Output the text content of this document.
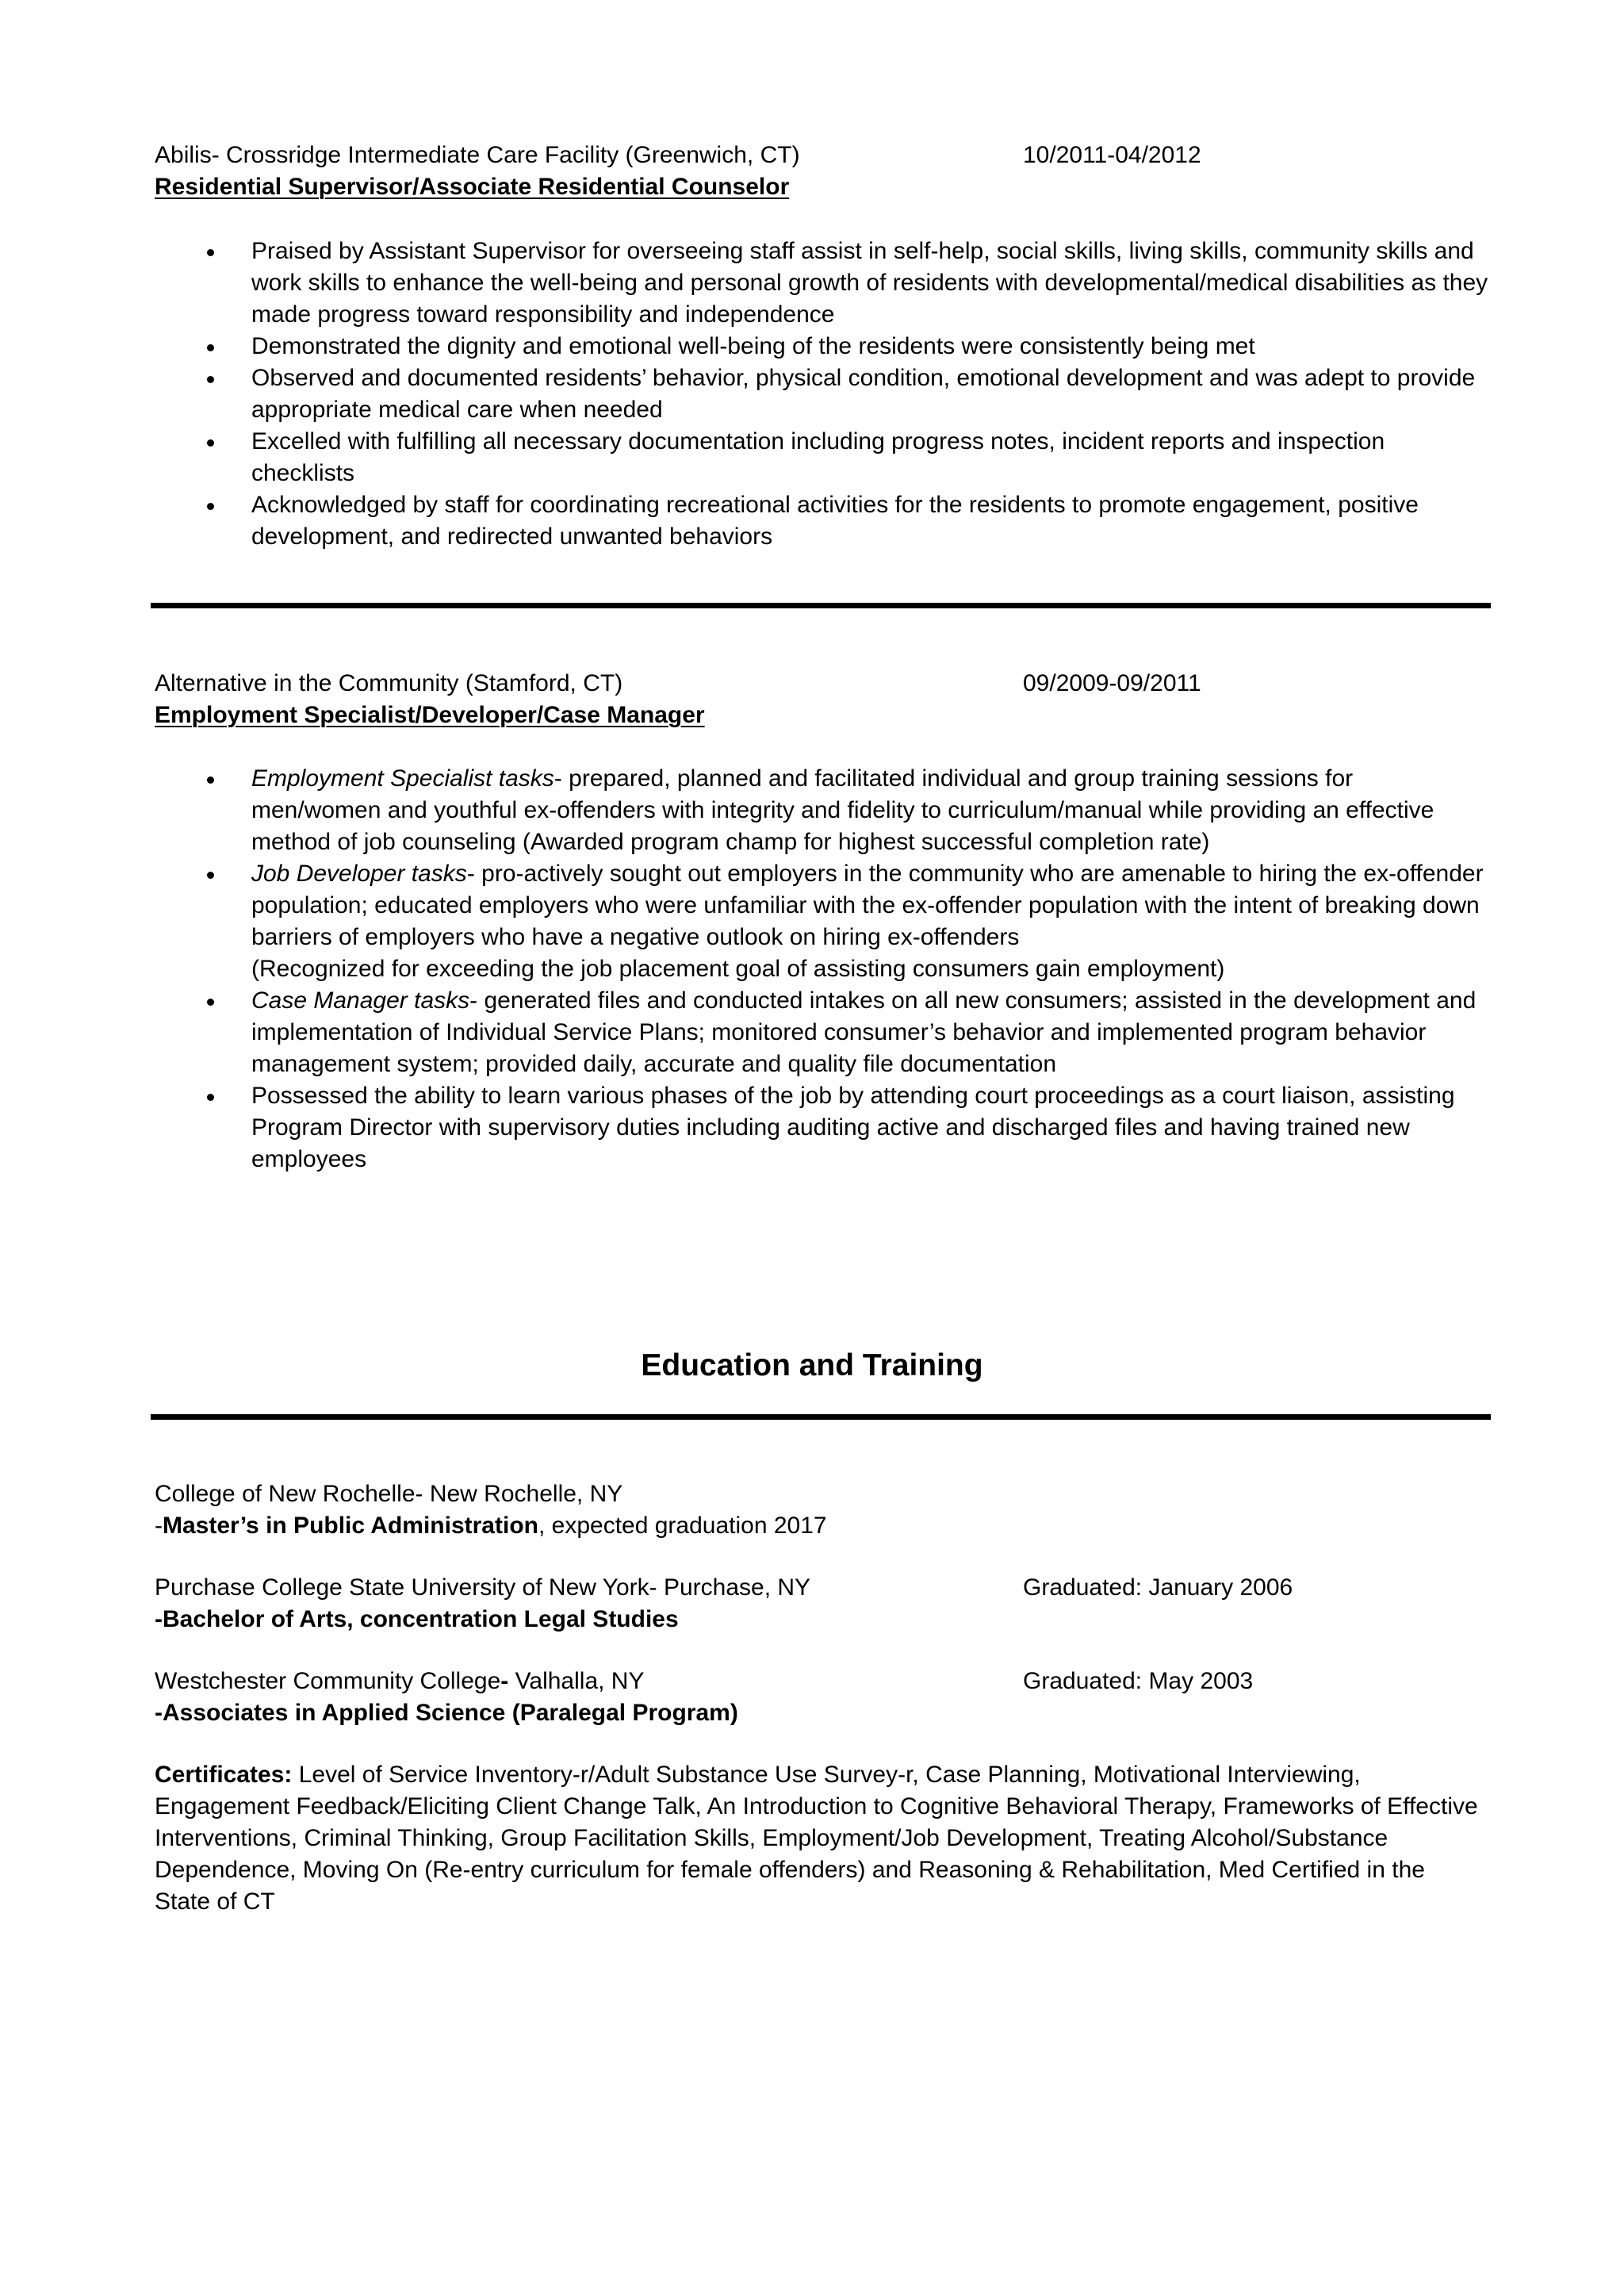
Abilis- Crossridge Intermediate Care Facility (Greenwich, CT)	10/2011-04/2012
Residential Supervisor/Associate Residential Counselor
Praised by Assistant Supervisor for overseeing staff assist in self-help, social skills, living skills, community skills and work skills to enhance the well-being and personal growth of residents with developmental/medical disabilities as they made progress toward responsibility and independence
Demonstrated the dignity and emotional well-being of the residents were consistently being met
Observed and documented residents’ behavior, physical condition, emotional development and was adept to provide appropriate medical care when needed
Excelled with fulfilling all necessary documentation including progress notes, incident reports and inspection checklists
Acknowledged by staff for coordinating recreational activities for the residents to promote engagement, positive development, and redirected unwanted behaviors
Alternative in the Community (Stamford, CT)	09/2009-09/2011
Employment Specialist/Developer/Case Manager
Employment Specialist tasks- prepared, planned and facilitated individual and group training sessions for men/women and youthful ex-offenders with integrity and fidelity to curriculum/manual while providing an effective method of job counseling (Awarded program champ for highest successful completion rate)
Job Developer tasks- pro-actively sought out employers in the community who are amenable to hiring the ex-offender population; educated employers who were unfamiliar with the ex-offender population with the intent of breaking down barriers of employers who have a negative outlook on hiring ex-offenders
(Recognized for exceeding the job placement goal of assisting consumers gain employment)
Case Manager tasks- generated files and conducted intakes on all new consumers; assisted in the development and implementation of Individual Service Plans; monitored consumer’s behavior and implemented program behavior management system; provided daily, accurate and quality file documentation
Possessed the ability to learn various phases of the job by attending court proceedings as a court liaison, assisting Program Director with supervisory duties including auditing active and discharged files and having trained new employees
Education and Training
College of New Rochelle- New Rochelle, NY
-Master’s in Public Administration, expected graduation 2017
Purchase College State University of New York- Purchase, NY	Graduated: January 2006
-Bachelor of Arts, concentration Legal Studies
Westchester Community College- Valhalla, NY	Graduated: May 2003
-Associates in Applied Science (Paralegal Program)
Certificates: Level of Service Inventory-r/Adult Substance Use Survey-r, Case Planning, Motivational Interviewing, Engagement Feedback/Eliciting Client Change Talk, An Introduction to Cognitive Behavioral Therapy, Frameworks of Effective Interventions, Criminal Thinking, Group Facilitation Skills, Employment/Job Development, Treating Alcohol/Substance Dependence, Moving On (Re-entry curriculum for female offenders) and Reasoning & Rehabilitation, Med Certified in the State of CT
